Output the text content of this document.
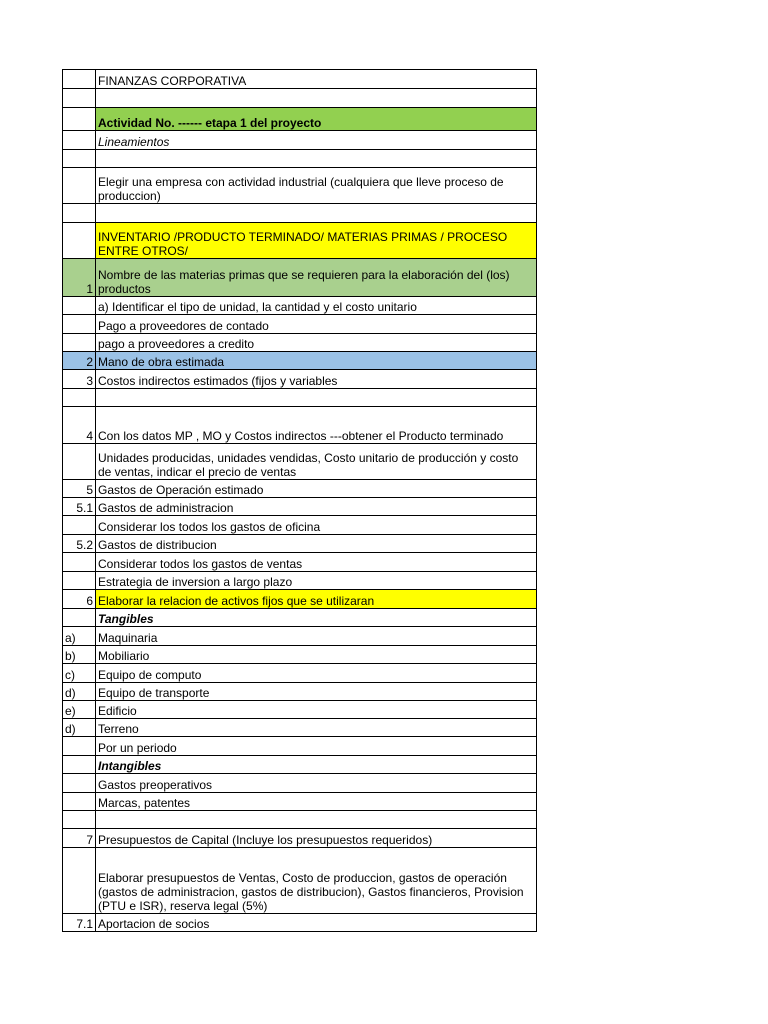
	FINANZAS CORPORATIVA

	Actividad No. ------ etapa 1 del proyecto
	Lineamientos

	Elegir una empresa con actividad industrial (cualquiera que lleve proceso de produccion)

	INVENTARIO /PRODUCTO TERMINADO/ MATERIAS PRIMAS / PROCESO ENTRE OTROS/
1	Nombre de las materias primas que se requieren para la elaboración del (los) productos
	a) Identificar el tipo de unidad, la cantidad y el costo unitario
	Pago a proveedores de contado
	pago a proveedores a credito
2	Mano de obra estimada
3	Costos indirectos estimados (fijos y variables

4	Con los datos MP , MO y Costos indirectos ---obtener el Producto terminado
	Unidades producidas, unidades vendidas, Costo unitario de producción y costo de ventas, indicar el precio de ventas
5	Gastos de Operación estimado
5.1	Gastos de administracion
	Considerar los todos los gastos de oficina
5.2	Gastos de distribucion
	Considerar todos los gastos de ventas
	Estrategia de inversion a largo plazo
6	Elaborar la relacion de activos fijos que se utilizaran
	Tangibles
a)	Maquinaria
b)	Mobiliario
c)	Equipo de computo
d)	Equipo de transporte
e)	Edificio
d)	Terreno
	Por un periodo
	Intangibles
	Gastos preoperativos
	Marcas, patentes

7	Presupuestos de Capital (Incluye los presupuestos requeridos)
	Elaborar presupuestos de Ventas, Costo de produccion, gastos de operación (gastos de administracion, gastos de distribucion), Gastos financieros, Provision (PTU e ISR), reserva legal (5%)
7.1	Aportacion de socios
